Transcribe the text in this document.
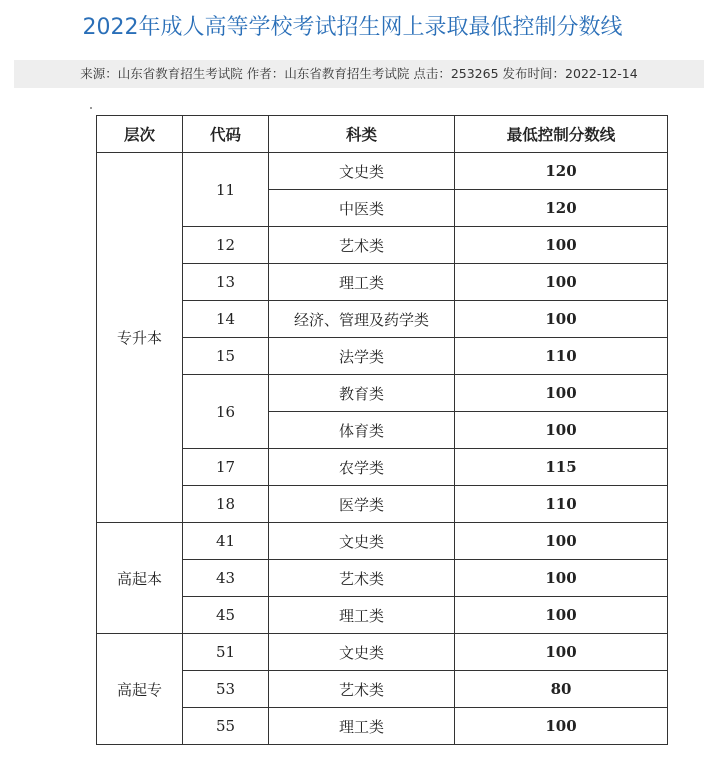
2022年成人高等学校考试招生网上录取最低控制分数线
来源：山东省教育招生考试院 作者：山东省教育招生考试院 点击：253265 发布时间：2022-12-14
层次	代码	科类	最低控制分数线
专升本	11	文史类	120
		中医类	120
	12	艺术类	100
	13	理工类	100
	14	经济、管理及药学类	100
	15	法学类	110
	16	教育类	100
		体育类	100
	17	农学类	115
	18	医学类	110
高起本	41	文史类	100
	43	艺术类	100
	45	理工类	100
高起专	51	文史类	100
	53	艺术类	80
	55	理工类	100
